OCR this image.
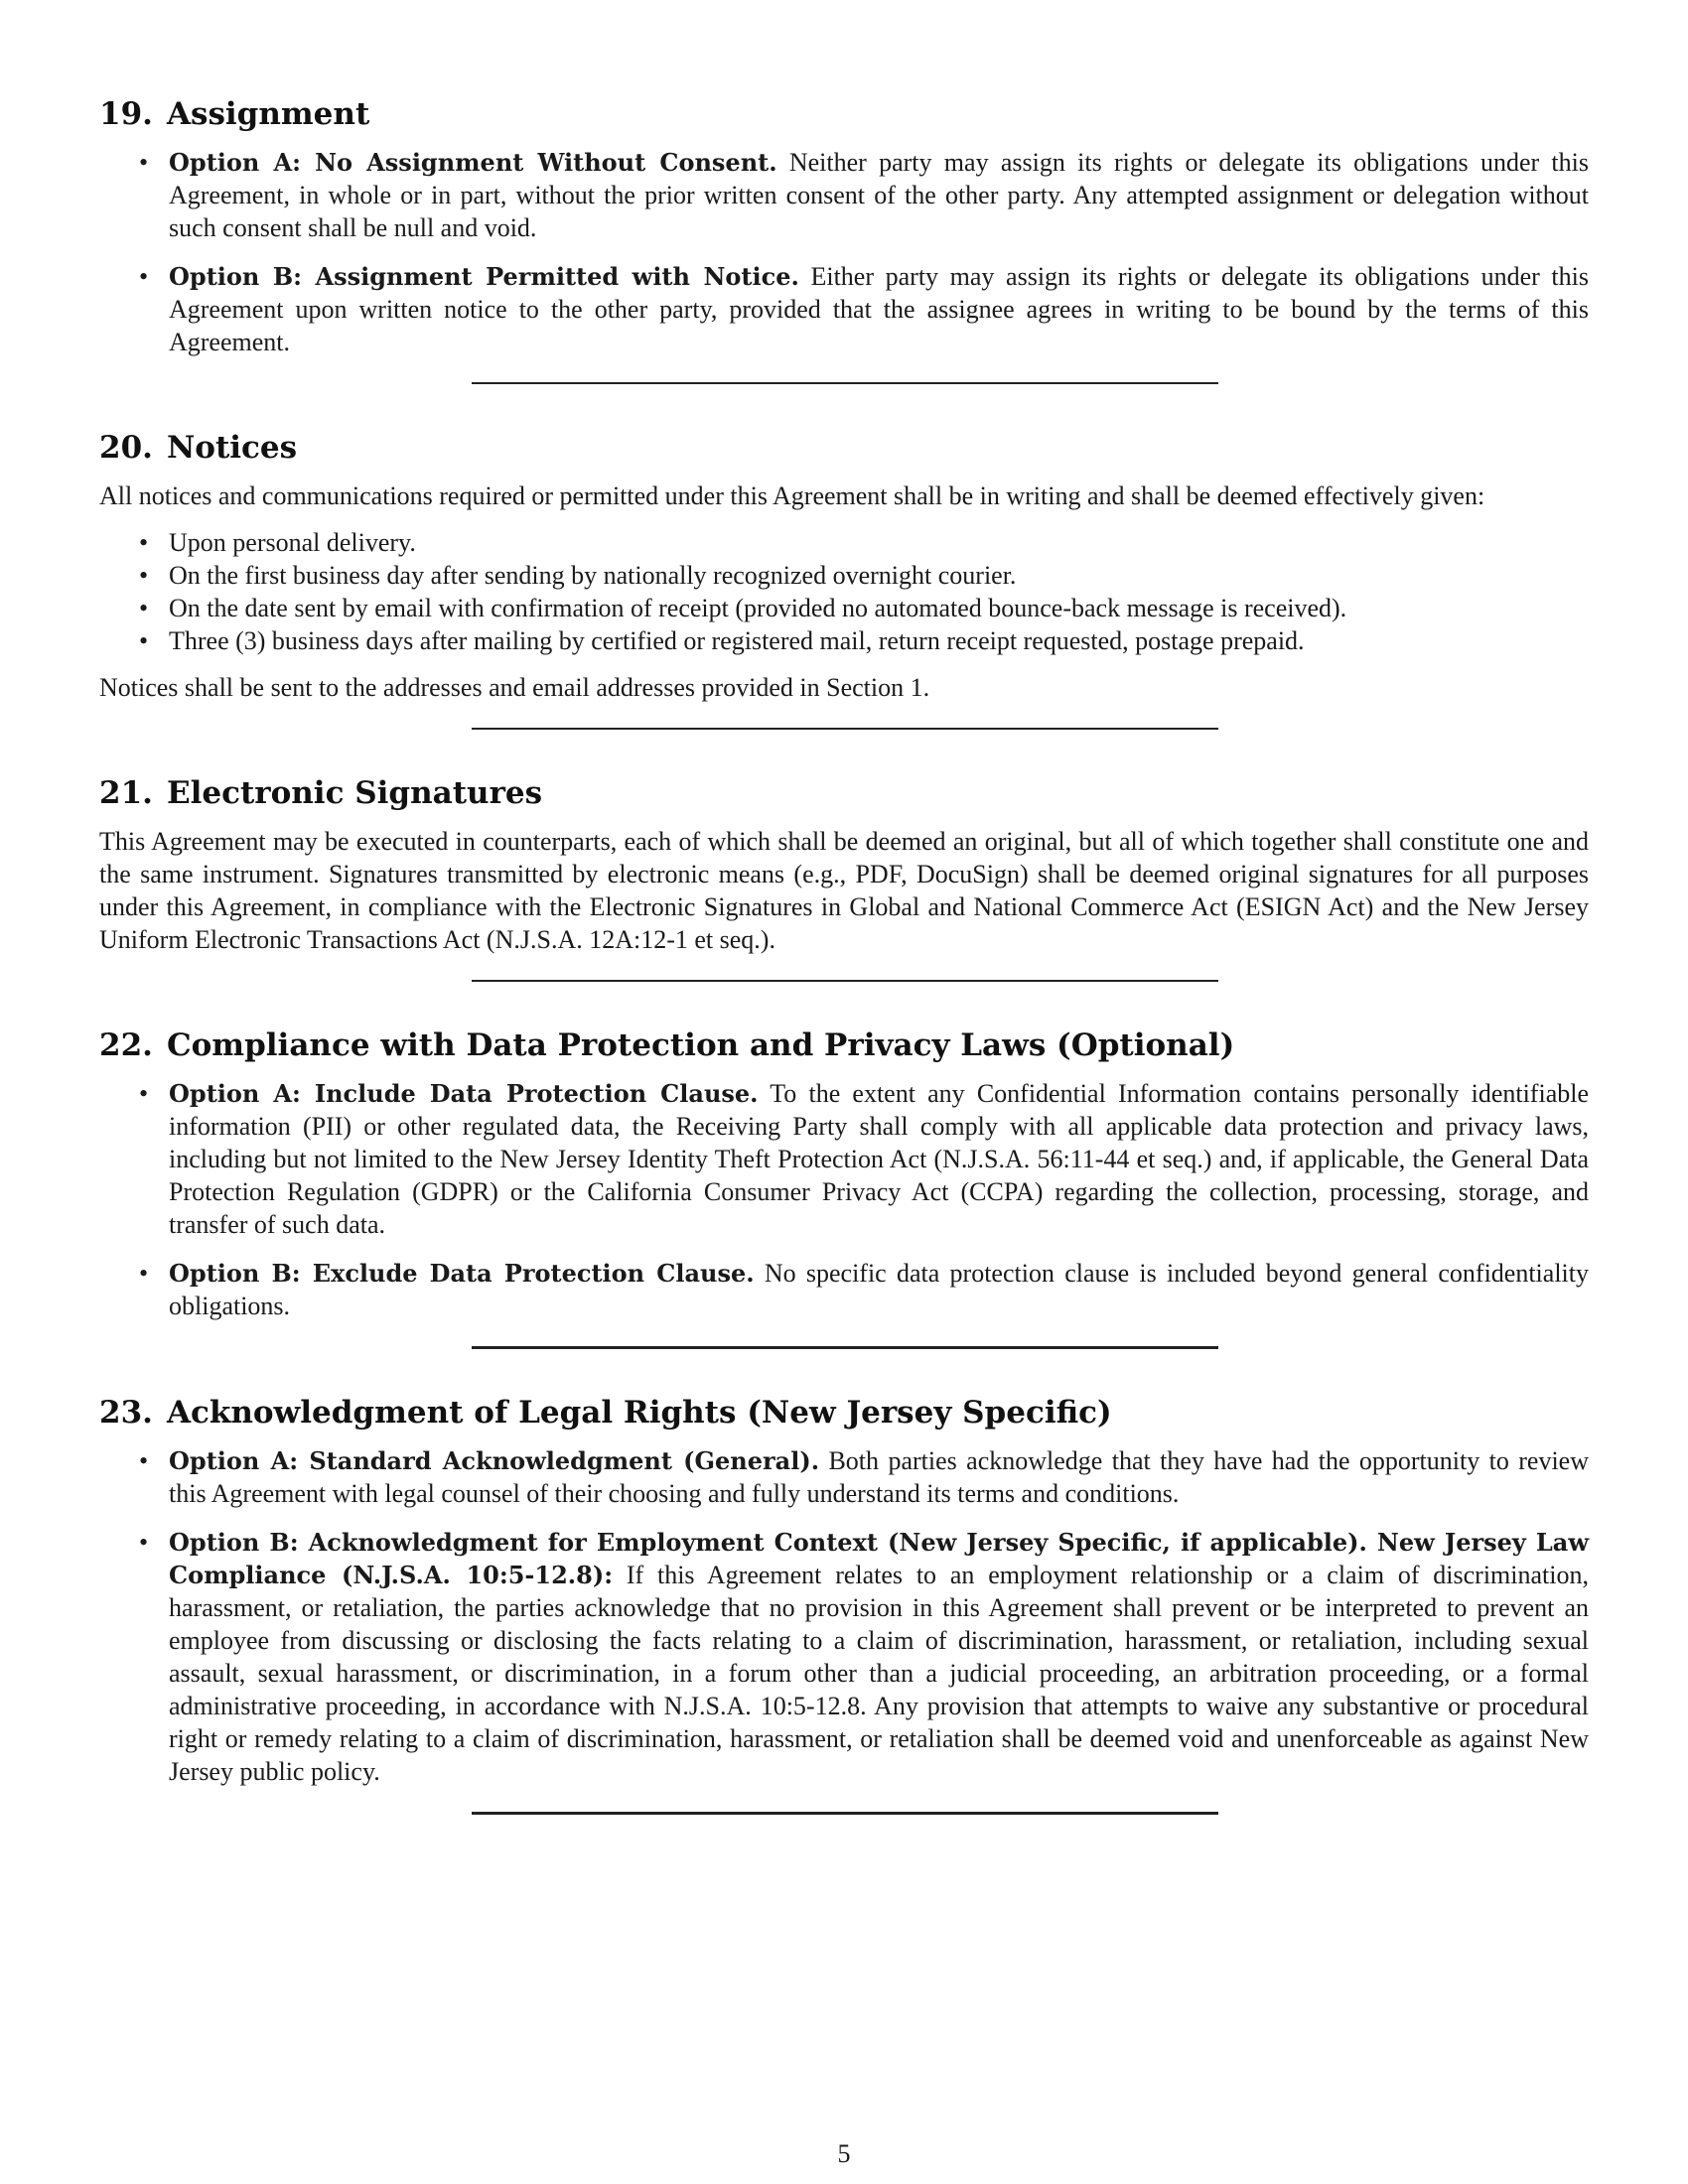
19. Assignment
• Option A: No Assignment Without Consent. Neither party may assign its rights or delegate its obligations under this Agreement, in whole or in part, without the prior written consent of the other party. Any attempted assignment or delegation without such consent shall be null and void.
• Option B: Assignment Permitted with Notice. Either party may assign its rights or delegate its obligations under this Agreement upon written notice to the other party, provided that the assignee agrees in writing to be bound by the terms of this Agreement.
20. Notices

All notices and communications required or permitted under this Agreement shall be in writing and shall be deemed effectively given:

• Upon personal delivery.
• On the first business day after sending by nationally recognized overnight courier.
• On the date sent by email with confirmation of receipt (provided no automated bounce-back message is received).
• Three (3) business days after mailing by certified or registered mail, return receipt requested, postage prepaid.

Notices shall be sent to the addresses and email addresses provided in Section 1.

21. Electronic Signatures

This Agreement may be executed in counterparts, each of which shall be deemed an original, but all of which together shall constitute one and the same instrument. Signatures transmitted by electronic means (e.g., PDF, DocuSign) shall be deemed original signatures for all purposes under this Agreement, in compliance with the Electronic Signatures in Global and National Commerce Act (ESIGN Act) and the New Jersey Uniform Electronic Transactions Act (N.J.S.A. 12A:12-1 et seq.).

22. Compliance with Data Protection and Privacy Laws (Optional)
• Option A: Include Data Protection Clause. To the extent any Confidential Information contains personally identifiable information (PII) or other regulated data, the Receiving Party shall comply with all applicable data protection and privacy laws, including but not limited to the New Jersey Identity Theft Protection Act (N.J.S.A. 56:11-44 et seq.) and, if applicable, the General Data Protection Regulation (GDPR) or the California Consumer Privacy Act (CCPA) regarding the collection, processing, storage, and transfer of such data.
• Option B: Exclude Data Protection Clause. No specific data protection clause is included beyond general confidentiality obligations.
23. Acknowledgment of Legal Rights (New Jersey Specific)
• Option A: Standard Acknowledgment (General). Both parties acknowledge that they have had the opportunity to review this Agreement with legal counsel of their choosing and fully understand its terms and conditions.
• Option B: Acknowledgment for Employment Context (New Jersey Specific, if applicable). New Jersey Law Compliance (N.J.S.A. 10:5-12.8): If this Agreement relates to an employment relationship or a claim of discrimination, harassment, or retaliation, the parties acknowledge that no provision in this Agreement shall prevent or be interpreted to prevent an employee from discussing or disclosing the facts relating to a claim of discrimination, harassment, or retaliation, including sexual assault, sexual harassment, or discrimination, in a forum other than a judicial proceeding, an arbitration proceeding, or a formal administrative proceeding, in accordance with N.J.S.A. 10:5-12.8. Any provision that attempts to waive any substantive or procedural right or remedy relating to a claim of discrimination, harassment, or retaliation shall be deemed void and unenforceable as against New Jersey public policy.
5
